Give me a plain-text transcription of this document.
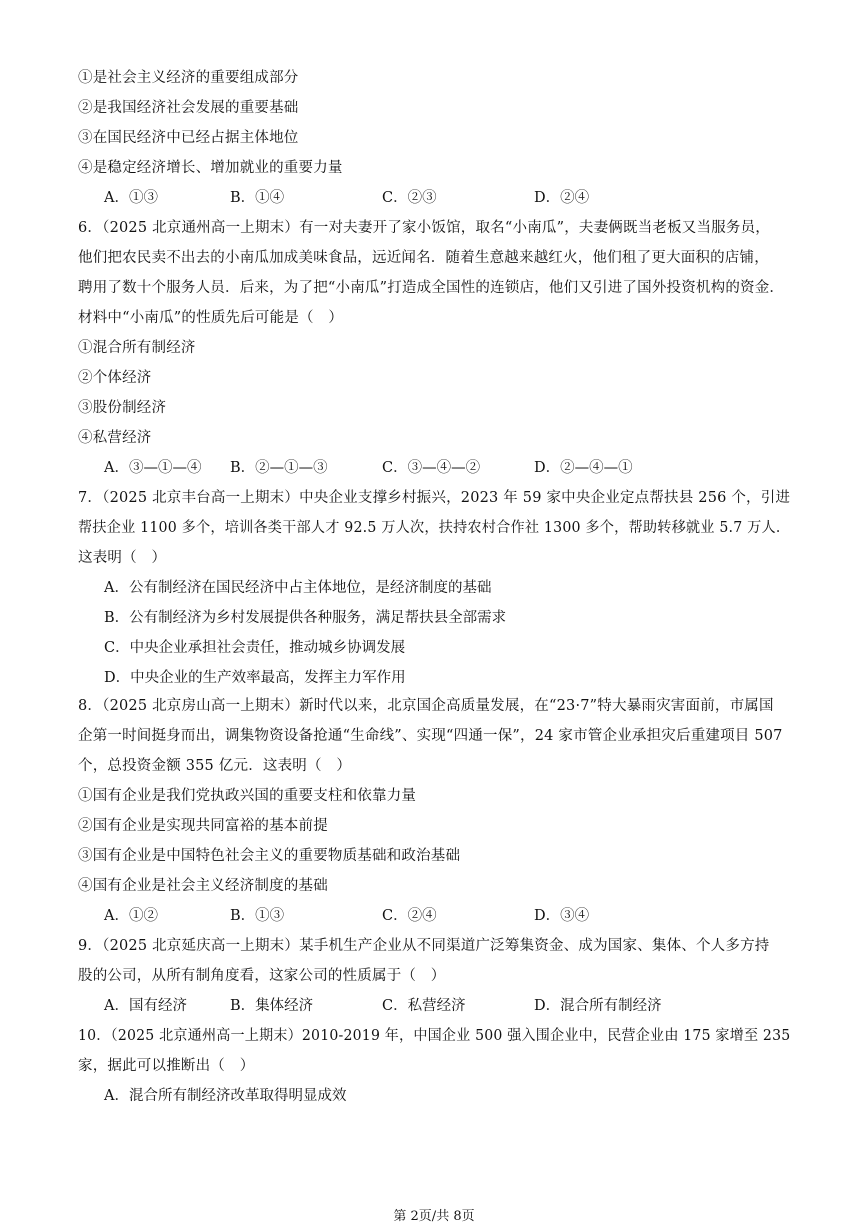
①是社会主义经济的重要组成部分
②是我国经济社会发展的重要基础
③在国民经济中已经占据主体地位
④是稳定经济增长、增加就业的重要力量
A．①③	B．①④	C．②③	D．②④
6．（2025 北京通州高一上期末）有一对夫妻开了家小饭馆，取名“小南瓜”，夫妻俩既当老板又当服务员，
他们把农民卖不出去的小南瓜加成美味食品，远近闻名．随着生意越来越红火，他们租了更大面积的店铺，
聘用了数十个服务人员．后来，为了把“小南瓜”打造成全国性的连锁店，他们又引进了国外投资机构的资金．
材料中“小南瓜”的性质先后可能是（　）
①混合所有制经济
②个体经济
③股份制经济
④私营经济
A．③—①—④ B．②—①—③	C．③—④—②	D．②—④—①
7．（2025 北京丰台高一上期末）中央企业支撑乡村振兴，2023 年 59 家中央企业定点帮扶县 256 个，引进
帮扶企业 1100 多个，培训各类干部人才 92.5 万人次，扶持农村合作社 1300 多个，帮助转移就业 5.7 万人．
这表明（　）
A．公有制经济在国民经济中占主体地位，是经济制度的基础
B．公有制经济为乡村发展提供各种服务，满足帮扶县全部需求
C．中央企业承担社会责任，推动城乡协调发展
D．中央企业的生产效率最高，发挥主力军作用
8．（2025 北京房山高一上期末）新时代以来，北京国企高质量发展，在“23·7”特大暴雨灾害面前，市属国
企第一时间挺身而出，调集物资设备抢通“生命线”、实现“四通一保”，24 家市管企业承担灾后重建项目 507
个，总投资金额 355 亿元．这表明（　）
①国有企业是我们党执政兴国的重要支柱和依靠力量
②国有企业是实现共同富裕的基本前提
③国有企业是中国特色社会主义的重要物质基础和政治基础
④国有企业是社会主义经济制度的基础
A．①②	B．①③	C．②④	D．③④
9．（2025 北京延庆高一上期末）某手机生产企业从不同渠道广泛筹集资金、成为国家、集体、个人多方持
股的公司，从所有制角度看，这家公司的性质属于（　）
A．国有经济	B．集体经济	C．私营经济	D．混合所有制经济
10．（2025 北京通州高一上期末）2010-2019 年，中国企业 500 强入围企业中，民营企业由 175 家增至 235
家，据此可以推断出（　）
A．混合所有制经济改革取得明显成效
第 2页/共 8页
